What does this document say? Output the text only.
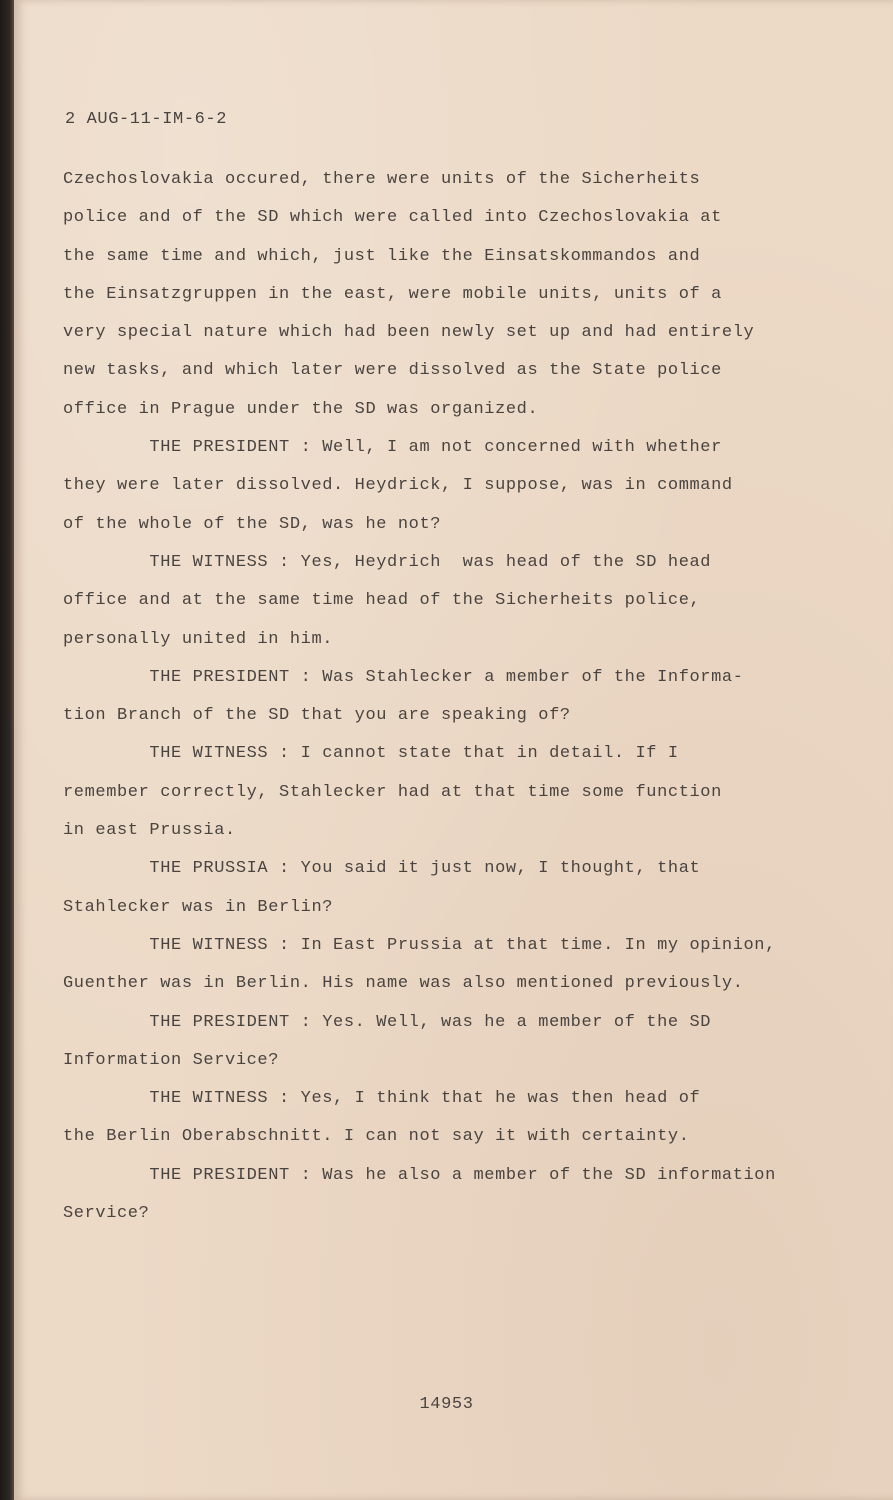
2 AUG-11-IM-6-2
Czechoslovakia occured, there were units of the Sicherheits
police and of the SD which were called into Czechoslovakia at
the same time and which, just like the Einsatskommandos and
the Einsatzgruppen in the east, were mobile units, units of a
very special nature which had been newly set up and had entirely
new tasks, and which later were dissolved as the State police
office in Prague under the SD was organized.
THE PRESIDENT : Well, I am not concerned with whether
they were later dissolved. Heydrick, I suppose, was in command
of the whole of the SD, was he not?
THE WITNESS : Yes, Heydrich  was head of the SD head
office and at the same time head of the Sicherheits police,
personally united in him.
THE PRESIDENT : Was Stahlecker a member of the Informa-
tion Branch of the SD that you are speaking of?
THE WITNESS : I cannot state that in detail. If I
remember correctly, Stahlecker had at that time some function
in east Prussia.
THE PRUSSIA : You said it just now, I thought, that
Stahlecker was in Berlin?
THE WITNESS : In East Prussia at that time. In my opinion,
Guenther was in Berlin. His name was also mentioned previously.
THE PRESIDENT : Yes. Well, was he a member of the SD
Information Service?
THE WITNESS : Yes, I think that he was then head of
the Berlin Oberabschnitt. I can not say it with certainty.
THE PRESIDENT : Was he also a member of the SD information
Service?
14953
